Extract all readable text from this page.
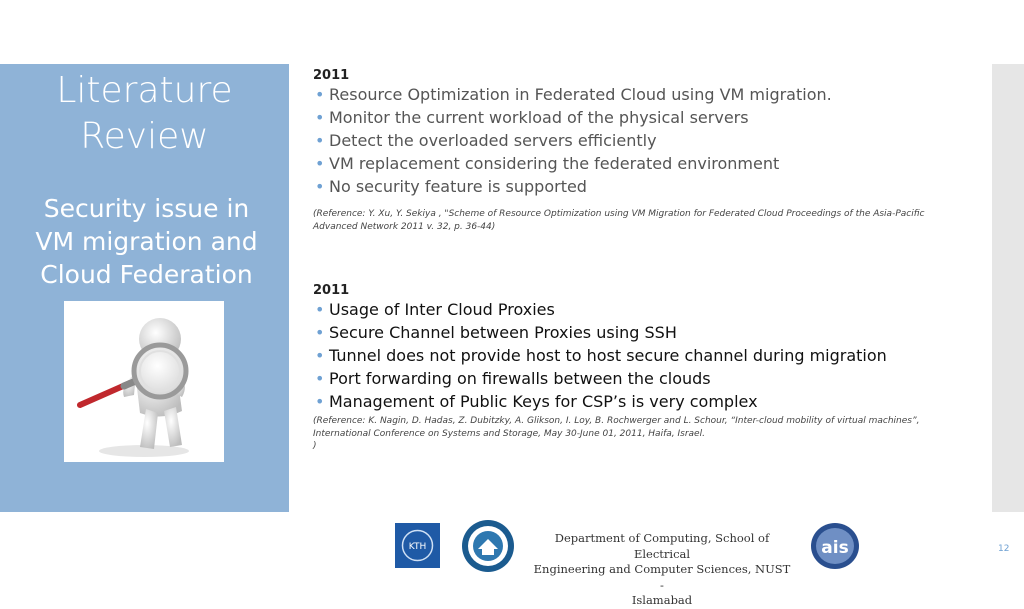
Literature
Review
Security issue in
VM migration and
Cloud Federation
2011
• Resource Optimization in Federated Cloud using VM migration.
• Monitor the current workload of the physical servers
• Detect the overloaded servers efficiently
• VM replacement considering the federated environment
• No security feature is supported
(Reference: Y. Xu, Y. Sekiya , "Scheme of Resource Optimization using VM Migration for Federated Cloud Proceedings of the Asia-Pacific Advanced Network 2011 v. 32, p. 36-44)
2011
• Usage of Inter Cloud Proxies
• Secure Channel between Proxies using SSH
• Tunnel does not provide host to host secure channel during migration
• Port forwarding on firewalls between the clouds
• Management of Public Keys for CSP’s is very complex
(Reference: K. Nagin, D. Hadas, Z. Dubitzky, A. Glikson, I. Loy, B. Rochwerger and L. Schour, “Inter-cloud mobility of virtual machines”, International Conference on Systems and Storage, May 30-June 01, 2011, Haifa, Israel.
)
KTH
Department of Computing, School of Electrical
Engineering and Computer Sciences, NUST -
Islamabad
ais	12
